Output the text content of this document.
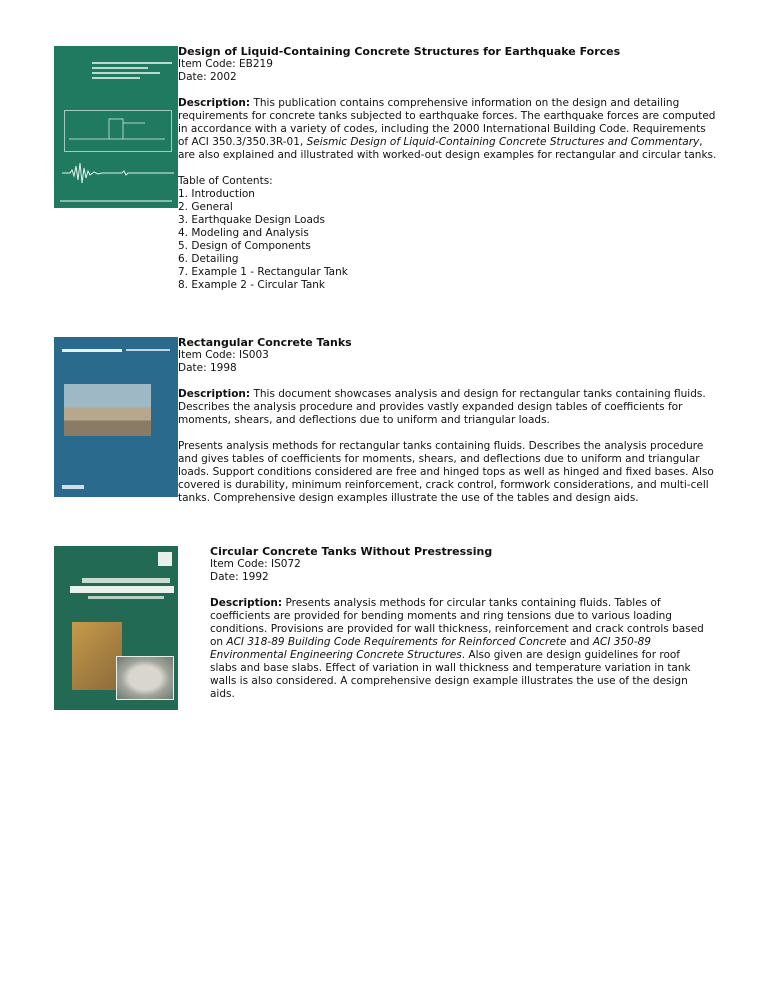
Design of Liquid-Containing Concrete Structures for Earthquake Forces

Item Code: EB219

Date: 2002

Description: This publication contains comprehensive information on the design and detailing requirements for concrete tanks subjected to earthquake forces. The earthquake forces are computed in accordance with a variety of codes, including the 2000 International Building Code. Requirements of ACI 350.3/350.3R-01, Seismic Design of Liquid-Containing Concrete Structures and Commentary, are also explained and illustrated with worked-out design examples for rectangular and circular tanks.

Table of Contents:

1. Introduction
2. General
3. Earthquake Design Loads
4. Modeling and Analysis
5. Design of Components
6. Detailing
7. Example 1 - Rectangular Tank
8. Example 2 - Circular Tank

Rectangular Concrete Tanks

Item Code: IS003

Date: 1998

Description: This document showcases analysis and design for rectangular tanks containing fluids. Describes the analysis procedure and provides vastly expanded design tables of coefficients for moments, shears, and deflections due to uniform and triangular loads.

Presents analysis methods for rectangular tanks containing fluids. Describes the analysis procedure and gives tables of coefficients for moments, shears, and deflections due to uniform and triangular loads. Support conditions considered are free and hinged tops as well as hinged and fixed bases. Also covered is durability, minimum reinforcement, crack control, formwork considerations, and multi-cell tanks. Comprehensive design examples illustrate the use of the tables and design aids.

Circular Concrete Tanks Without Prestressing

Item Code: IS072

Date: 1992

Description: Presents analysis methods for circular tanks containing fluids. Tables of coefficients are provided for bending moments and ring tensions due to various loading conditions. Provisions are provided for wall thickness, reinforcement and crack controls based on ACI 318-89 Building Code Requirements for Reinforced Concrete and ACI 350-89 Environmental Engineering Concrete Structures. Also given are design guidelines for roof slabs and base slabs. Effect of variation in wall thickness and temperature variation in tank walls is also considered. A comprehensive design example illustrates the use of the design aids.
